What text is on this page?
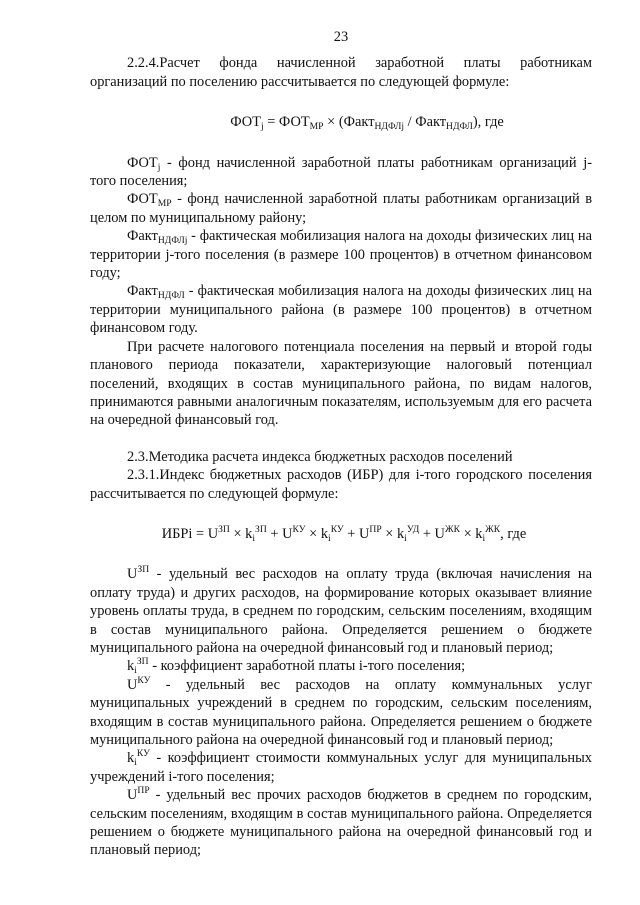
23

2.2.4.Расчет фонда начисленной заработной платы работникам организаций по поселению рассчитывается по следующей формуле:

$ФОТ_j = ФОТ_{МР}$ × (Факт$_{НДФЛj}$ / Факт$_{НДФЛ}$), где

$ФОТ_j$ - фонд начисленной заработной платы работникам организаций j-того поселения;

$ФОТ_{МР}$ - фонд начисленной заработной платы работникам организаций в целом по муниципальному району;

Факт$_{НДФЛj}$ - фактическая мобилизация налога на доходы физических лиц на территории j-того поселения (в размере 100 процентов) в отчетном финансовом году;

Факт$_{НДФЛ}$ - фактическая мобилизация налога на доходы физических лиц на территории муниципального района (в размере 100 процентов) в отчетном финансовом году.

При расчете налогового потенциала поселения на первый и второй годы планового периода показатели, характеризующие налоговый потенциал поселений, входящих в состав муниципального района, по видам налогов, принимаются равными аналогичным показателям, используемым для его расчета на очередной финансовый год.

2.3.Методика расчета индекса бюджетных расходов поселений

2.3.1.Индекс бюджетных расходов (ИБР) для i-того городского поселения рассчитывается по следующей формуле:

ИБРi = $U^{ЗП} \times k_i^{ЗП} + U^{КУ} \times k_i^{КУ} + U^{ПР} \times k_i^{УД} + U^{ЖК} \times k_i^{ЖК}$, где

$U^{ЗП}$ - удельный вес расходов на оплату труда (включая начисления на оплату труда) и других расходов, на формирование которых оказывает влияние уровень оплаты труда, в среднем по городским, сельским поселениям, входящим в состав муниципального района. Определяется решением о бюджете муниципального района на очередной финансовый год и плановый период;

$k_i^{ЗП}$ - коэффициент заработной платы i-того поселения;

$U^{КУ}$ - удельный вес расходов на оплату коммунальных услуг муниципальных учреждений в среднем по городским, сельским поселениям, входящим в состав муниципального района. Определяется решением о бюджете муниципального района на очередной финансовый год и плановый период;

$k_i^{КУ}$ - коэффициент стоимости коммунальных услуг для муниципальных учреждений i-того поселения;

$U^{ПР}$ - удельный вес прочих расходов бюджетов в среднем по городским, сельским поселениям, входящим в состав муниципального района. Определяется решением о бюджете муниципального района на очередной финансовый год и плановый период;
